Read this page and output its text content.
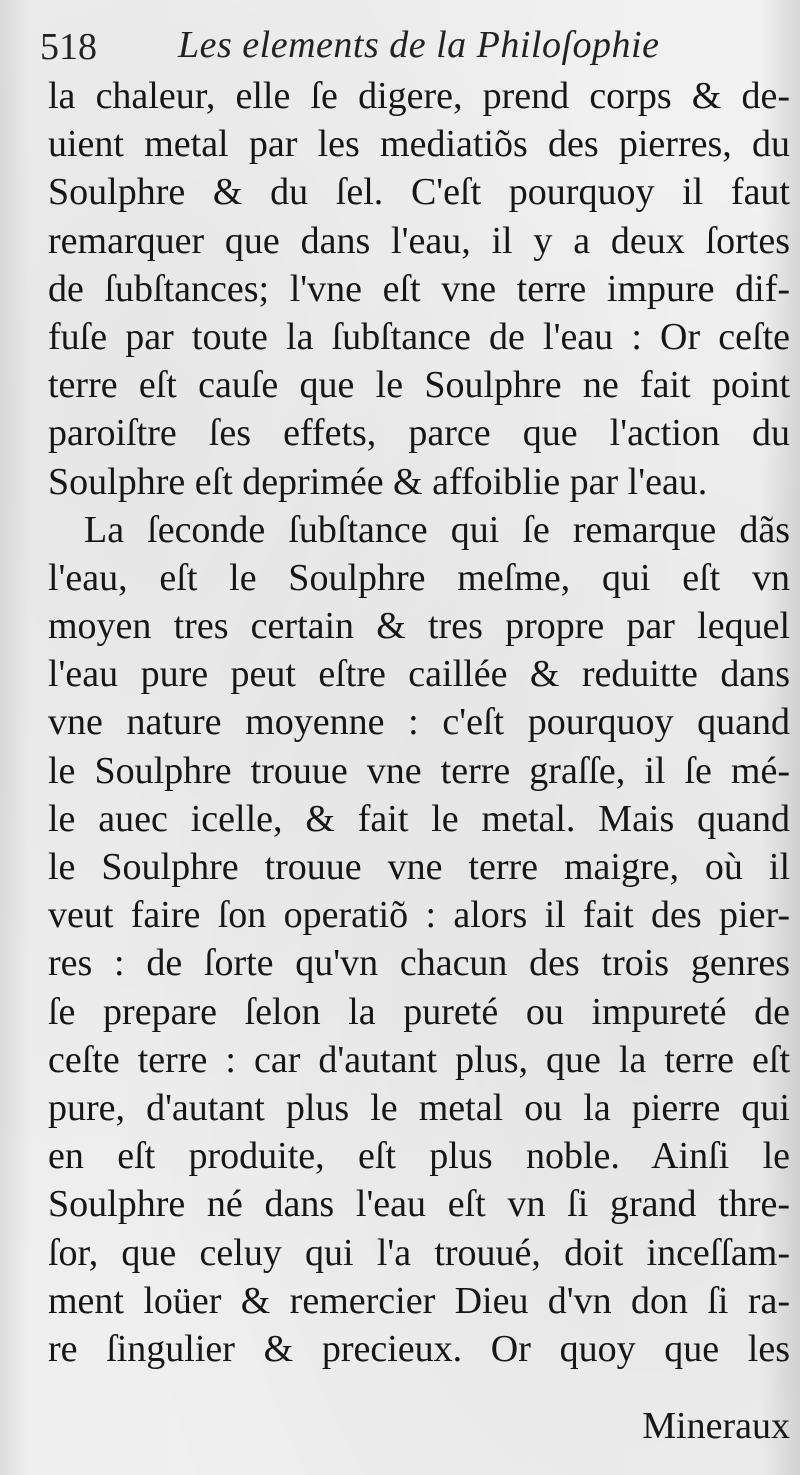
518 Les elements de la Philoſophie
la chaleur, elle ſe digere, prend corps & de-
uient metal par les mediatiõs des pierres, du
Soulphre & du ſel. C'eſt pourquoy il faut
remarquer que dans l'eau, il y a deux ſortes
de ſubſtances; l'vne eſt vne terre impure dif-
fuſe par toute la ſubſtance de l'eau : Or ceſte
terre eſt cauſe que le Soulphre ne fait point
paroiſtre ſes effets, parce que l'action du
Soulphre eſt deprimée & affoiblie par l'eau.
La ſeconde ſubſtance qui ſe remarque dãs
l'eau, eſt le Soulphre meſme, qui eſt vn
moyen tres certain & tres propre par lequel
l'eau pure peut eſtre caillée & reduitte dans
vne nature moyenne : c'eſt pourquoy quand
le Soulphre trouue vne terre graſſe, il ſe mé-
le auec icelle, & fait le metal. Mais quand
le Soulphre trouue vne terre maigre, où il
veut faire ſon operatiõ : alors il fait des pier-
res : de ſorte qu'vn chacun des trois genres
ſe prepare ſelon la pureté ou impureté de
ceſte terre : car d'autant plus, que la terre eſt
pure, d'autant plus le metal ou la pierre qui
en eſt produite, eſt plus noble. Ainſi le
Soulphre né dans l'eau eſt vn ſi grand thre-
ſor, que celuy qui l'a trouué, doit inceſſam-
ment loüer & remercier Dieu d'vn don ſi ra-
re ſingulier & precieux. Or quoy que les
Mineraux
